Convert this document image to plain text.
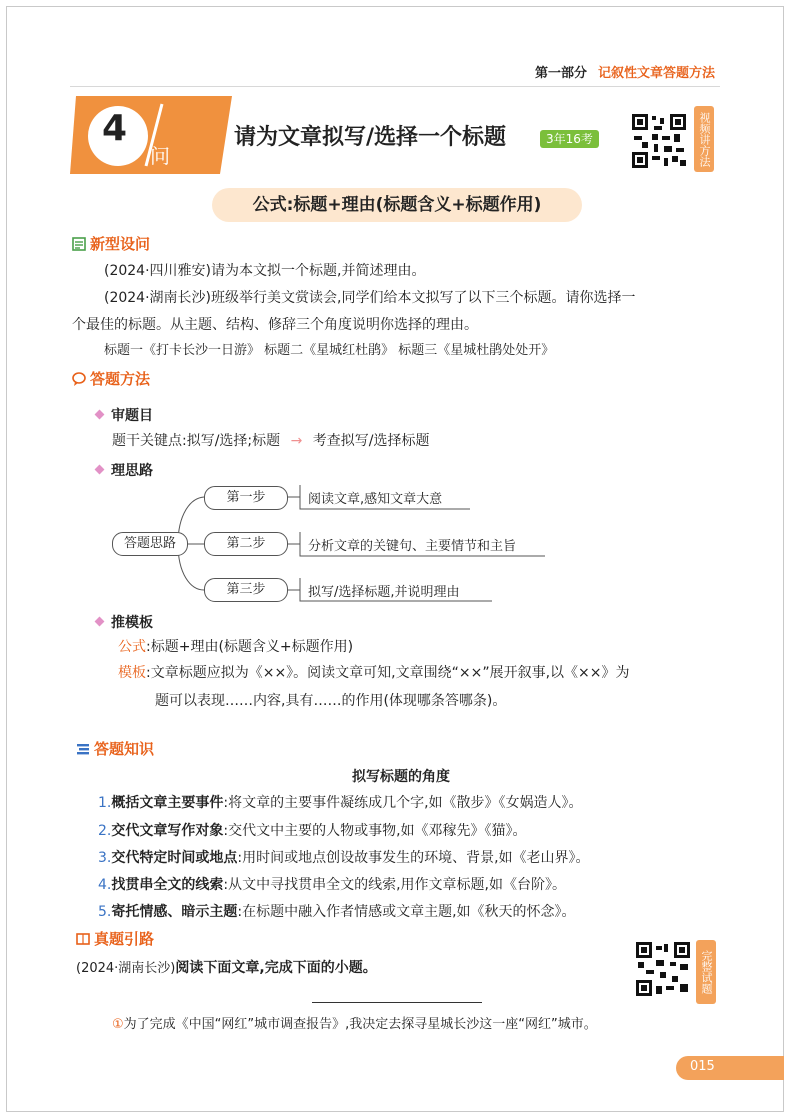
第一部分 记叙性文章答题方法
4
问
请为文章拟写/选择一个标题	3年16考	视频讲方法
公式:标题+理由(标题含义+标题作用)
新型设问
(2024·四川雅安)请为本文拟一个标题,并简述理由。
(2024·湖南长沙)班级举行美文赏读会,同学们给本文拟写了以下三个标题。请你选择一
个最佳的标题。从主题、结构、修辞三个角度说明你选择的理由。
标题一《打卡长沙一日游》 标题二《星城红杜鹃》 标题三《星城杜鹃处处开》
答题方法
审题目
题干关键点:拟写/选择;标题 → 考查拟写/选择标题
理思路
答题思路
第一步
第二步
第三步
阅读文章,感知文章大意
分析文章的关键句、主要情节和主旨
拟写/选择标题,并说明理由
推模板
公式:标题+理由(标题含义+标题作用)
模板:文章标题应拟为《××》。阅读文章可知,文章围绕“××”展开叙事,以《××》为
题可以表现……内容,具有……的作用(体现哪条答哪条)。
答题知识
拟写标题的角度
1.概括文章主要事件:将文章的主要事件凝练成几个字,如《散步》《女娲造人》。
2.交代文章写作对象:交代文中主要的人物或事物,如《邓稼先》《猫》。
3.交代特定时间或地点:用时间或地点创设故事发生的环境、背景,如《老山界》。
4.找贯串全文的线索:从文中寻找贯串全文的线索,用作文章标题,如《台阶》。
5.寄托情感、暗示主题:在标题中融入作者情感或文章主题,如《秋天的怀念》。
真题引路
(2024·湖南长沙)阅读下面文章,完成下面的小题。	完整试题
①为了完成《中国“网红”城市调查报告》,我决定去探寻星城长沙这一座“网红”城市。
015
